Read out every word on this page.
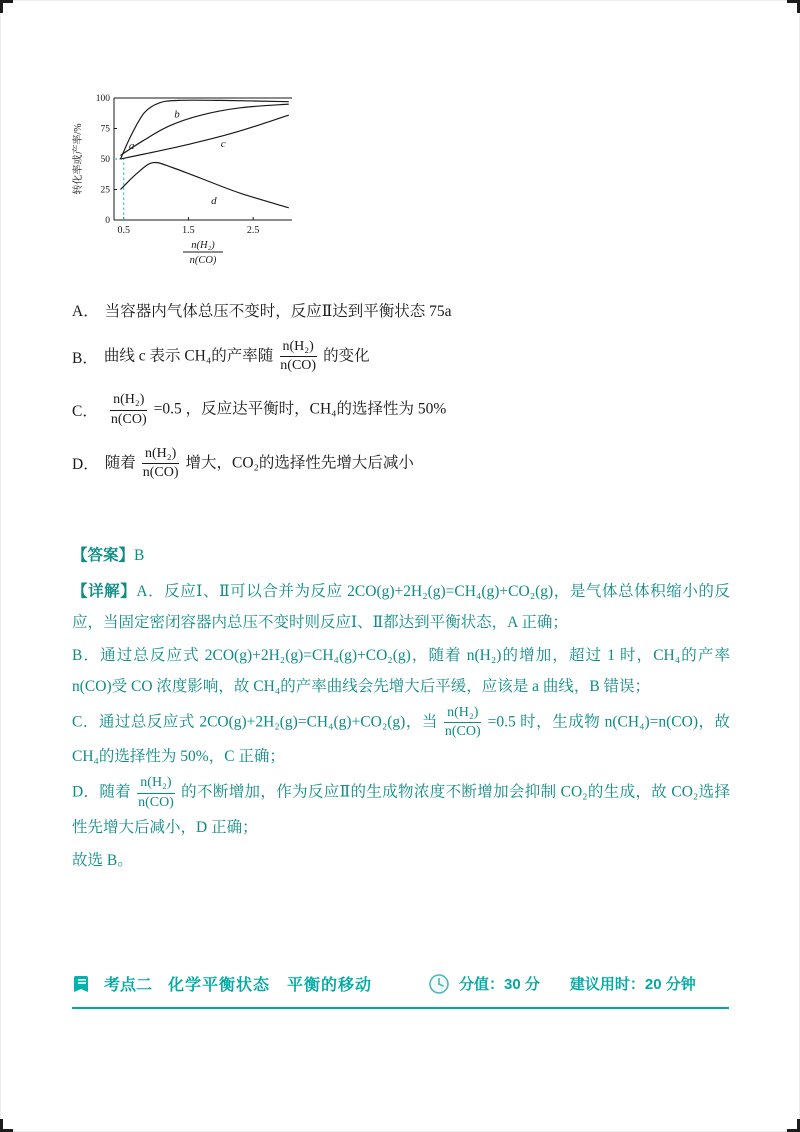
0
25
50
75
100
0.5	1.5	2.5
转化率或产率/%
n(H₂)
n(CO)
a
b
c
d
A． 当容器内气体总压不变时，反应Ⅱ达到平衡状态 75a
B． 曲线 c 表示 CH₄的产率随 $\frac{\text{n(H₂)}}{n(CO)}$ 的变化
C． $\frac{\text{n(H₂)}}{n(CO)} =0.5$ ，反应达平衡时，CH₄的选择性为 50%
D． 随着 $\frac{\text{n(H₂)}}{n(CO)}$ 增大，CO₂的选择性先增大后减小
【答案】B

【详解】A．反应Ⅰ、Ⅱ可以合并为反应 2CO(g)+2H₂(g)=CH₄(g)+CO₂(g)，是气体总体积缩小的反应，当固定密闭容器内总压不变时则反应Ⅰ、Ⅱ都达到平衡状态，A 正确；

B．通过总反应式 2CO(g)+2H₂(g)=CH₄(g)+CO₂(g)，随着 n(H₂)的增加，超过 1 时，CH₄的产率 n(CO)受 CO 浓度影响，故 CH₄的产率曲线会先增大后平缓，应该是 a 曲线，B 错误；

C．通过总反应式 2CO(g)+2H₂(g)=CH₄(g)+CO₂(g)，当 $\frac{\text{n(H₂)}}{n(CO)} =0.5$ 时，生成物 n(CH₄)=n(CO)，故 CH₄的选择性为 50%，C 正确；

D．随着 $\frac{\text{n(H₂)}}{n(CO)}$ 的不断增加，作为反应Ⅱ的生成物浓度不断增加会抑制 CO₂的生成，故 CO₂选择性先增大后减小，D 正确；

故选 B。

考点二 化学平衡状态　平衡的移动	分值：30 分 建议用时：20 分钟
